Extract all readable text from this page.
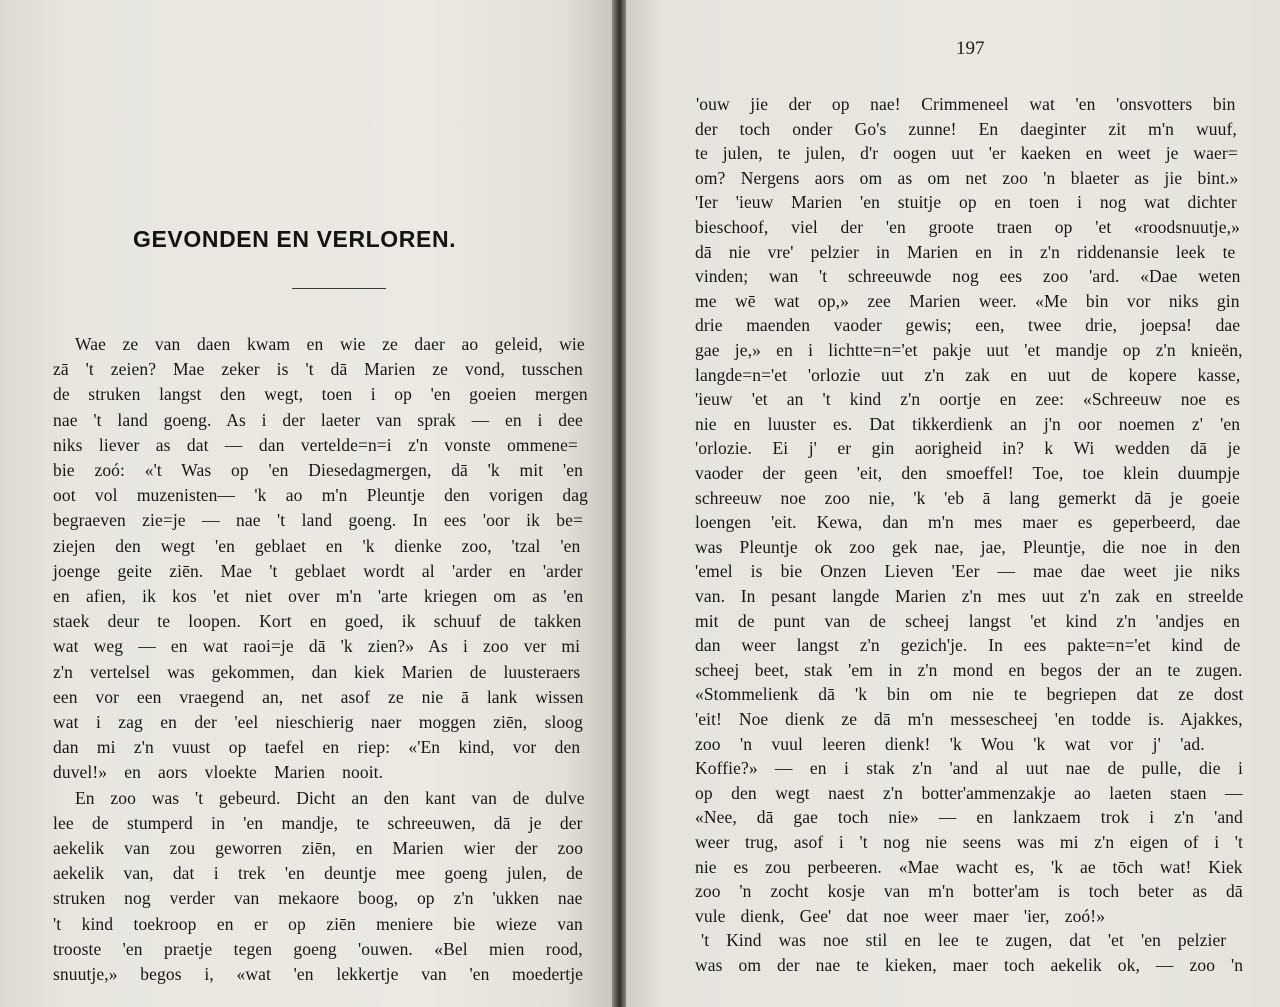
GEVONDEN EN VERLOREN.
Wae ze van daen kwam en wie ze daer ao geleid, wie
zā 't zeien? Mae zeker is 't dā Marien ze vond, tusschen
de struken langst den wegt, toen i op 'en goeien mergen
nae 't land goeng. As i der laeter van sprak — en i dee
niks liever as dat — dan vertelde=n=i z'n vonste ommene=
bie zoó: «'t Was op 'en Diesedagmergen, dā 'k mit 'en
oot vol muzenisten— 'k ao m'n Pleuntje den vorigen dag
begraeven zie=je — nae 't land goeng. In ees 'oor ik be=
ziejen den wegt 'en geblaet en 'k dienke zoo, 'tzal 'en
joenge geite ziēn. Mae 't geblaet wordt al 'arder en 'arder
en afien, ik kos 'et niet over m'n 'arte kriegen om as 'en
staek deur te loopen. Kort en goed, ik schuuf de takken
wat weg — en wat raoi=je dā 'k zien?» As i zoo ver mi
z'n vertelsel was gekommen, dan kiek Marien de luusteraers
een vor een vraegend an, net asof ze nie ā lank wissen
wat i zag en der 'eel nieschierig naer moggen ziēn, sloog
dan mi z'n vuust op taefel en riep: «'En kind, vor den
duvel!» en aors vloekte Marien nooit.
En zoo was 't gebeurd. Dicht an den kant van de dulve
lee de stumperd in 'en mandje, te schreeuwen, dā je der
aekelik van zou geworren ziēn, en Marien wier der zoo
aekelik van, dat i trek 'en deuntje mee goeng julen, de
struken nog verder van mekaore boog, op z'n 'ukken nae
't kind toekroop en er op ziēn meniere bie wieze van
trooste 'en praetje tegen goeng 'ouwen. «Bel mien rood,
snuutje,» begos i, «wat 'en lekkertje van 'en moedertje
197
'ouw jie der op nae! Crimmeneel wat 'en 'onsvotters bin
der toch onder Go's zunne! En daeginter zit m'n wuuf,
te julen, te julen, d'r oogen uut 'er kaeken en weet je waer=
om? Nergens aors om as om net zoo 'n blaeter as jie bint.»
'Ier 'ieuw Marien 'en stuitje op en toen i nog wat dichter
bieschoof, viel der 'en groote traen op 'et «roodsnuutje,»
dā nie vre' pelzier in Marien en in z'n riddenansie leek te
vinden; wan 't schreeuwde nog ees zoo 'ard. «Dae weten
me wē wat op,» zee Marien weer. «Me bin vor niks gin
drie maenden vaoder gewis; een, twee drie, joepsa! dae
gae je,» en i lichtte=n='et pakje uut 'et mandje op z'n knieën,
langde=n='et 'orlozie uut z'n zak en uut de kopere kasse,
'ieuw 'et an 't kind z'n oortje en zee: «Schreeuw noe es
nie en luuster es. Dat tikkerdienk an j'n oor noemen z' 'en
'orlozie. Ei j' er gin aorigheid in? k Wi wedden dā je
vaoder der geen 'eit, den smoeffel! Toe, toe klein duumpje
schreeuw noe zoo nie, 'k 'eb ā lang gemerkt dā je goeie
loengen 'eit. Kewa, dan m'n mes maer es geperbeerd, dae
was Pleuntje ok zoo gek nae, jae, Pleuntje, die noe in den
'emel is bie Onzen Lieven 'Eer — mae dae weet jie niks
van. In pesant langde Marien z'n mes uut z'n zak en streelde
mit de punt van de scheej langst 'et kind z'n 'andjes en
dan weer langst z'n gezich'je. In ees pakte=n='et kind de
scheej beet, stak 'em in z'n mond en begos der an te zugen.
«Stommelienk dā 'k bin om nie te begriepen dat ze dost
'eit! Noe dienk ze dā m'n messescheej 'en todde is. Ajakkes,
zoo 'n vuul leeren dienk! 'k Wou 'k wat vor j' 'ad.
Koffie?» — en i stak z'n 'and al uut nae de pulle, die i
op den wegt naest z'n botter'ammenzakje ao laeten staen —
«Nee, dā gae toch nie» — en lankzaem trok i z'n 'and
weer trug, asof i 't nog nie seens was mi z'n eigen of i 't
nie es zou perbeeren. «Mae wacht es, 'k ae tōch wat! Kiek
zoo 'n zocht kosje van m'n botter'am is toch beter as dā
vule dienk, Gee' dat noe weer maer 'ier, zoó!»
't Kind was noe stil en lee te zugen, dat 'et 'en pelzier
was om der nae te kieken, maer toch aekelik ok, — zoo 'n
